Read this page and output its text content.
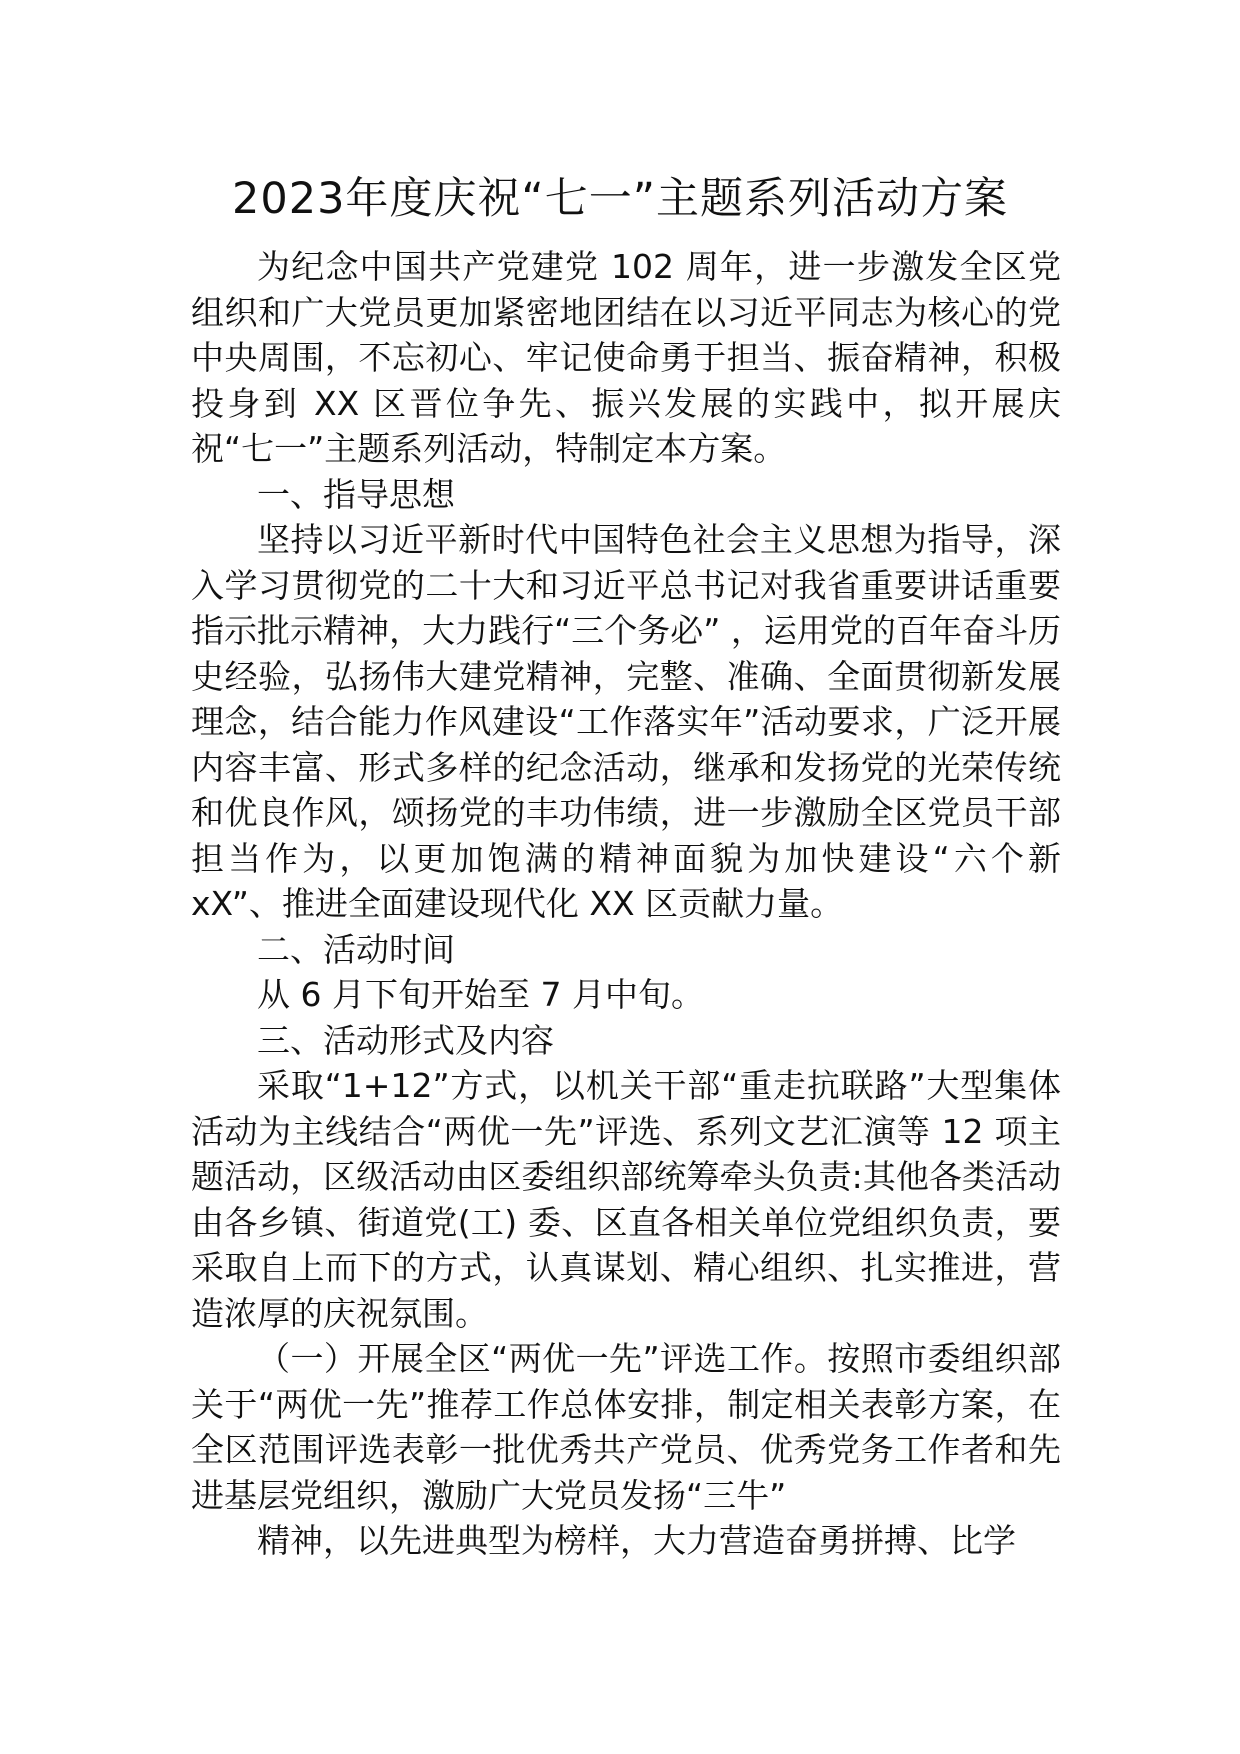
2023年度庆祝“七一”主题系列活动方案

为纪念中国共产党建党 102 周年，进一步激发全区党组织和广大党员更加紧密地团结在以习近平同志为核心的党中央周围，不忘初心、牢记使命勇于担当、振奋精神，积极投身到 XX 区晋位争先、振兴发展的实践中，拟开展庆祝“七一”主题系列活动，特制定本方案。

一、指导思想

坚持以习近平新时代中国特色社会主义思想为指导，深入学习贯彻党的二十大和习近平总书记对我省重要讲话重要指示批示精神，大力践行“三个务必” ，运用党的百年奋斗历史经验，弘扬伟大建党精神，完整、准确、全面贯彻新发展理念，结合能力作风建设“工作落实年”活动要求，广泛开展内容丰富、形式多样的纪念活动，继承和发扬党的光荣传统和优良作风，颂扬党的丰功伟绩，进一步激励全区党员干部担当作为，以更加饱满的精神面貌为加快建设“六个新 xX”、推进全面建设现代化 XX 区贡献力量。

二、活动时间

从 6 月下旬开始至 7 月中旬。

三、活动形式及内容

采取“1+12”方式，以机关干部“重走抗联路”大型集体活动为主线结合“两优一先”评选、系列文艺汇演等 12 项主题活动，区级活动由区委组织部统筹牵头负责:其他各类活动由各乡镇、街道党(工) 委、区直各相关单位党组织负责，要采取自上而下的方式，认真谋划、精心组织、扎实推进，营造浓厚的庆祝氛围。

（一）开展全区“两优一先”评选工作。按照市委组织部关于“两优一先”推荐工作总体安排，制定相关表彰方案，在全区范围评选表彰一批优秀共产党员、优秀党务工作者和先进基层党组织，激励广大党员发扬“三牛”

精神，以先进典型为榜样，大力营造奋勇拼搏、比学
